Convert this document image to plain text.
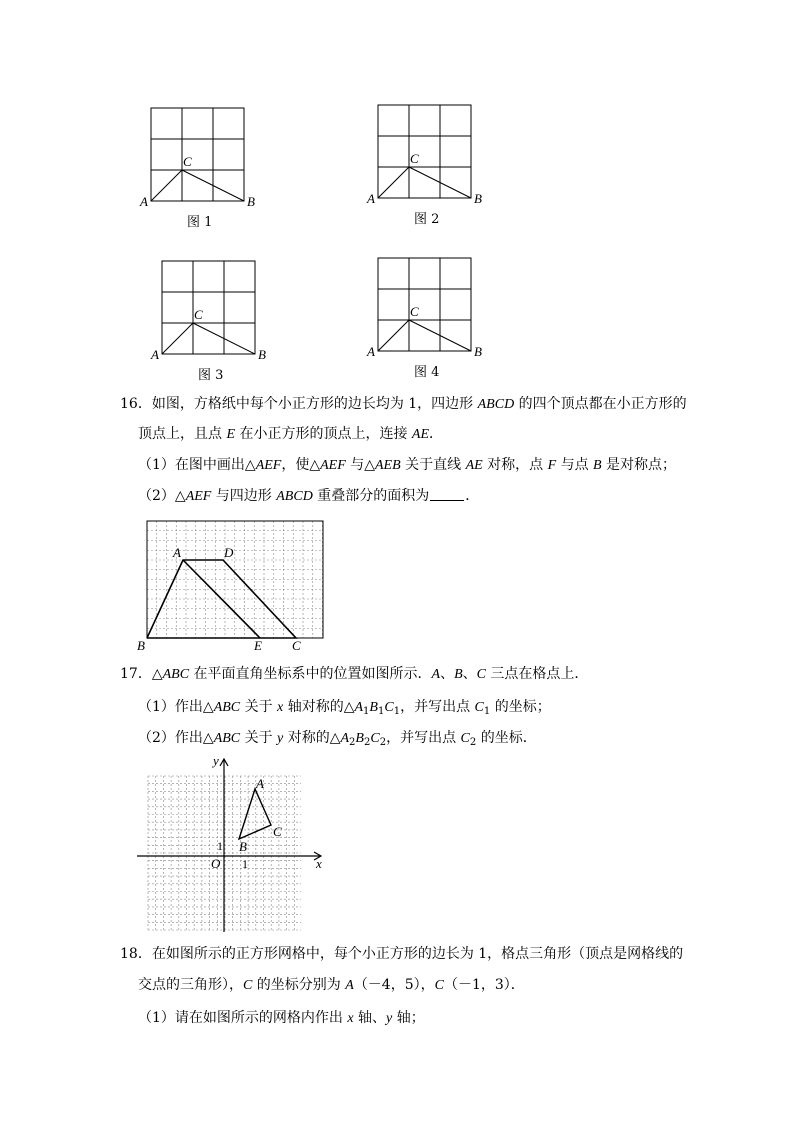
C
A	B
图 1
C
A	B
图 2
C
A	B
图 3
C
A	B
图 4
16．如图，方格纸中每个小正方形的边长均为 1，四边形 ABCD 的四个顶点都在小正方形的
顶点上，且点 E 在小正方形的顶点上，连接 AE．
（1）在图中画出△AEF，使△AEF 与△AEB 关于直线 AE 对称，点 F 与点 B 是对称点；
（2）△AEF 与四边形 ABCD 重叠部分的面积为	．
A	D
B	E C
17．△ABC 在平面直角坐标系中的位置如图所示．A、B、C 三点在格点上．
（1）作出△ABC 关于 x 轴对称的$\triangle A_1B_1C_1$，并写出点 $C_1$ 的坐标；
（2）作出△ABC 关于 y 对称的$\triangle A_2B_2C_2$，并写出点 $C_2$ 的坐标．
y
x
O
A
B
C
1
1
18．在如图所示的正方形网格中，每个小正方形的边长为 1，格点三角形（顶点是网格线的
交点的三角形），C 的坐标分别为 A（－4，5），C（－1，3）．
（1）请在如图所示的网格内作出 x 轴、y 轴；
